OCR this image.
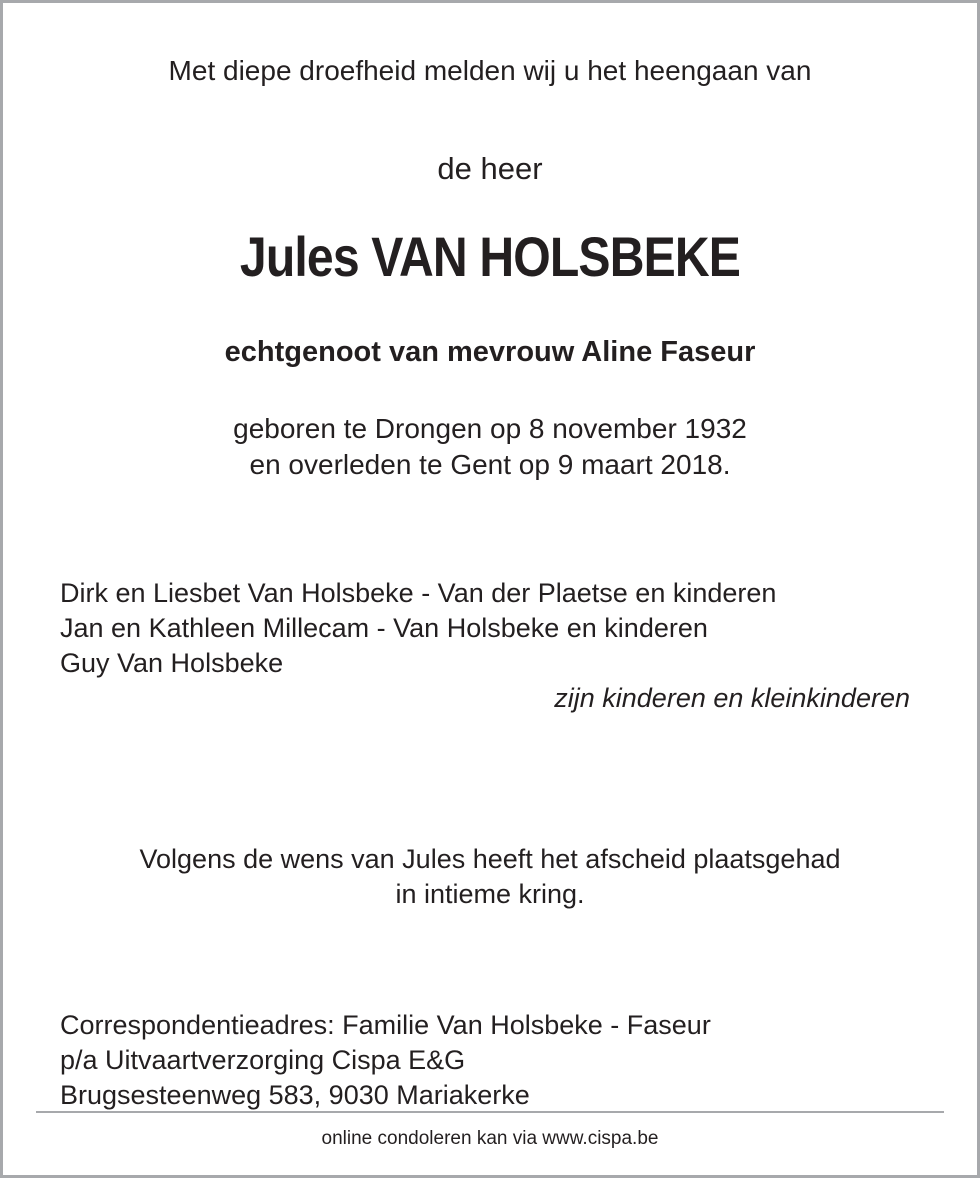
Met diepe droefheid melden wij u het heengaan van

de heer

Jules VAN HOLSBEKE
echtgenoot van mevrouw Aline Faseur
geboren te Drongen op 8 november 1932
en overleden te Gent op 9 maart 2018.
Dirk en Liesbet Van Holsbeke - Van der Plaetse en kinderen
Jan en Kathleen Millecam - Van Holsbeke en kinderen
Guy Van Holsbeke

zijn kinderen en kleinkinderen

Volgens de wens van Jules heeft het afscheid plaatsgehad
in intieme kring.
Correspondentieadres: Familie Van Holsbeke - Faseur
p/a Uitvaartverzorging Cispa E&G
Brugsesteenweg 583, 9030 Mariakerke

online condoleren kan via www.cispa.be
